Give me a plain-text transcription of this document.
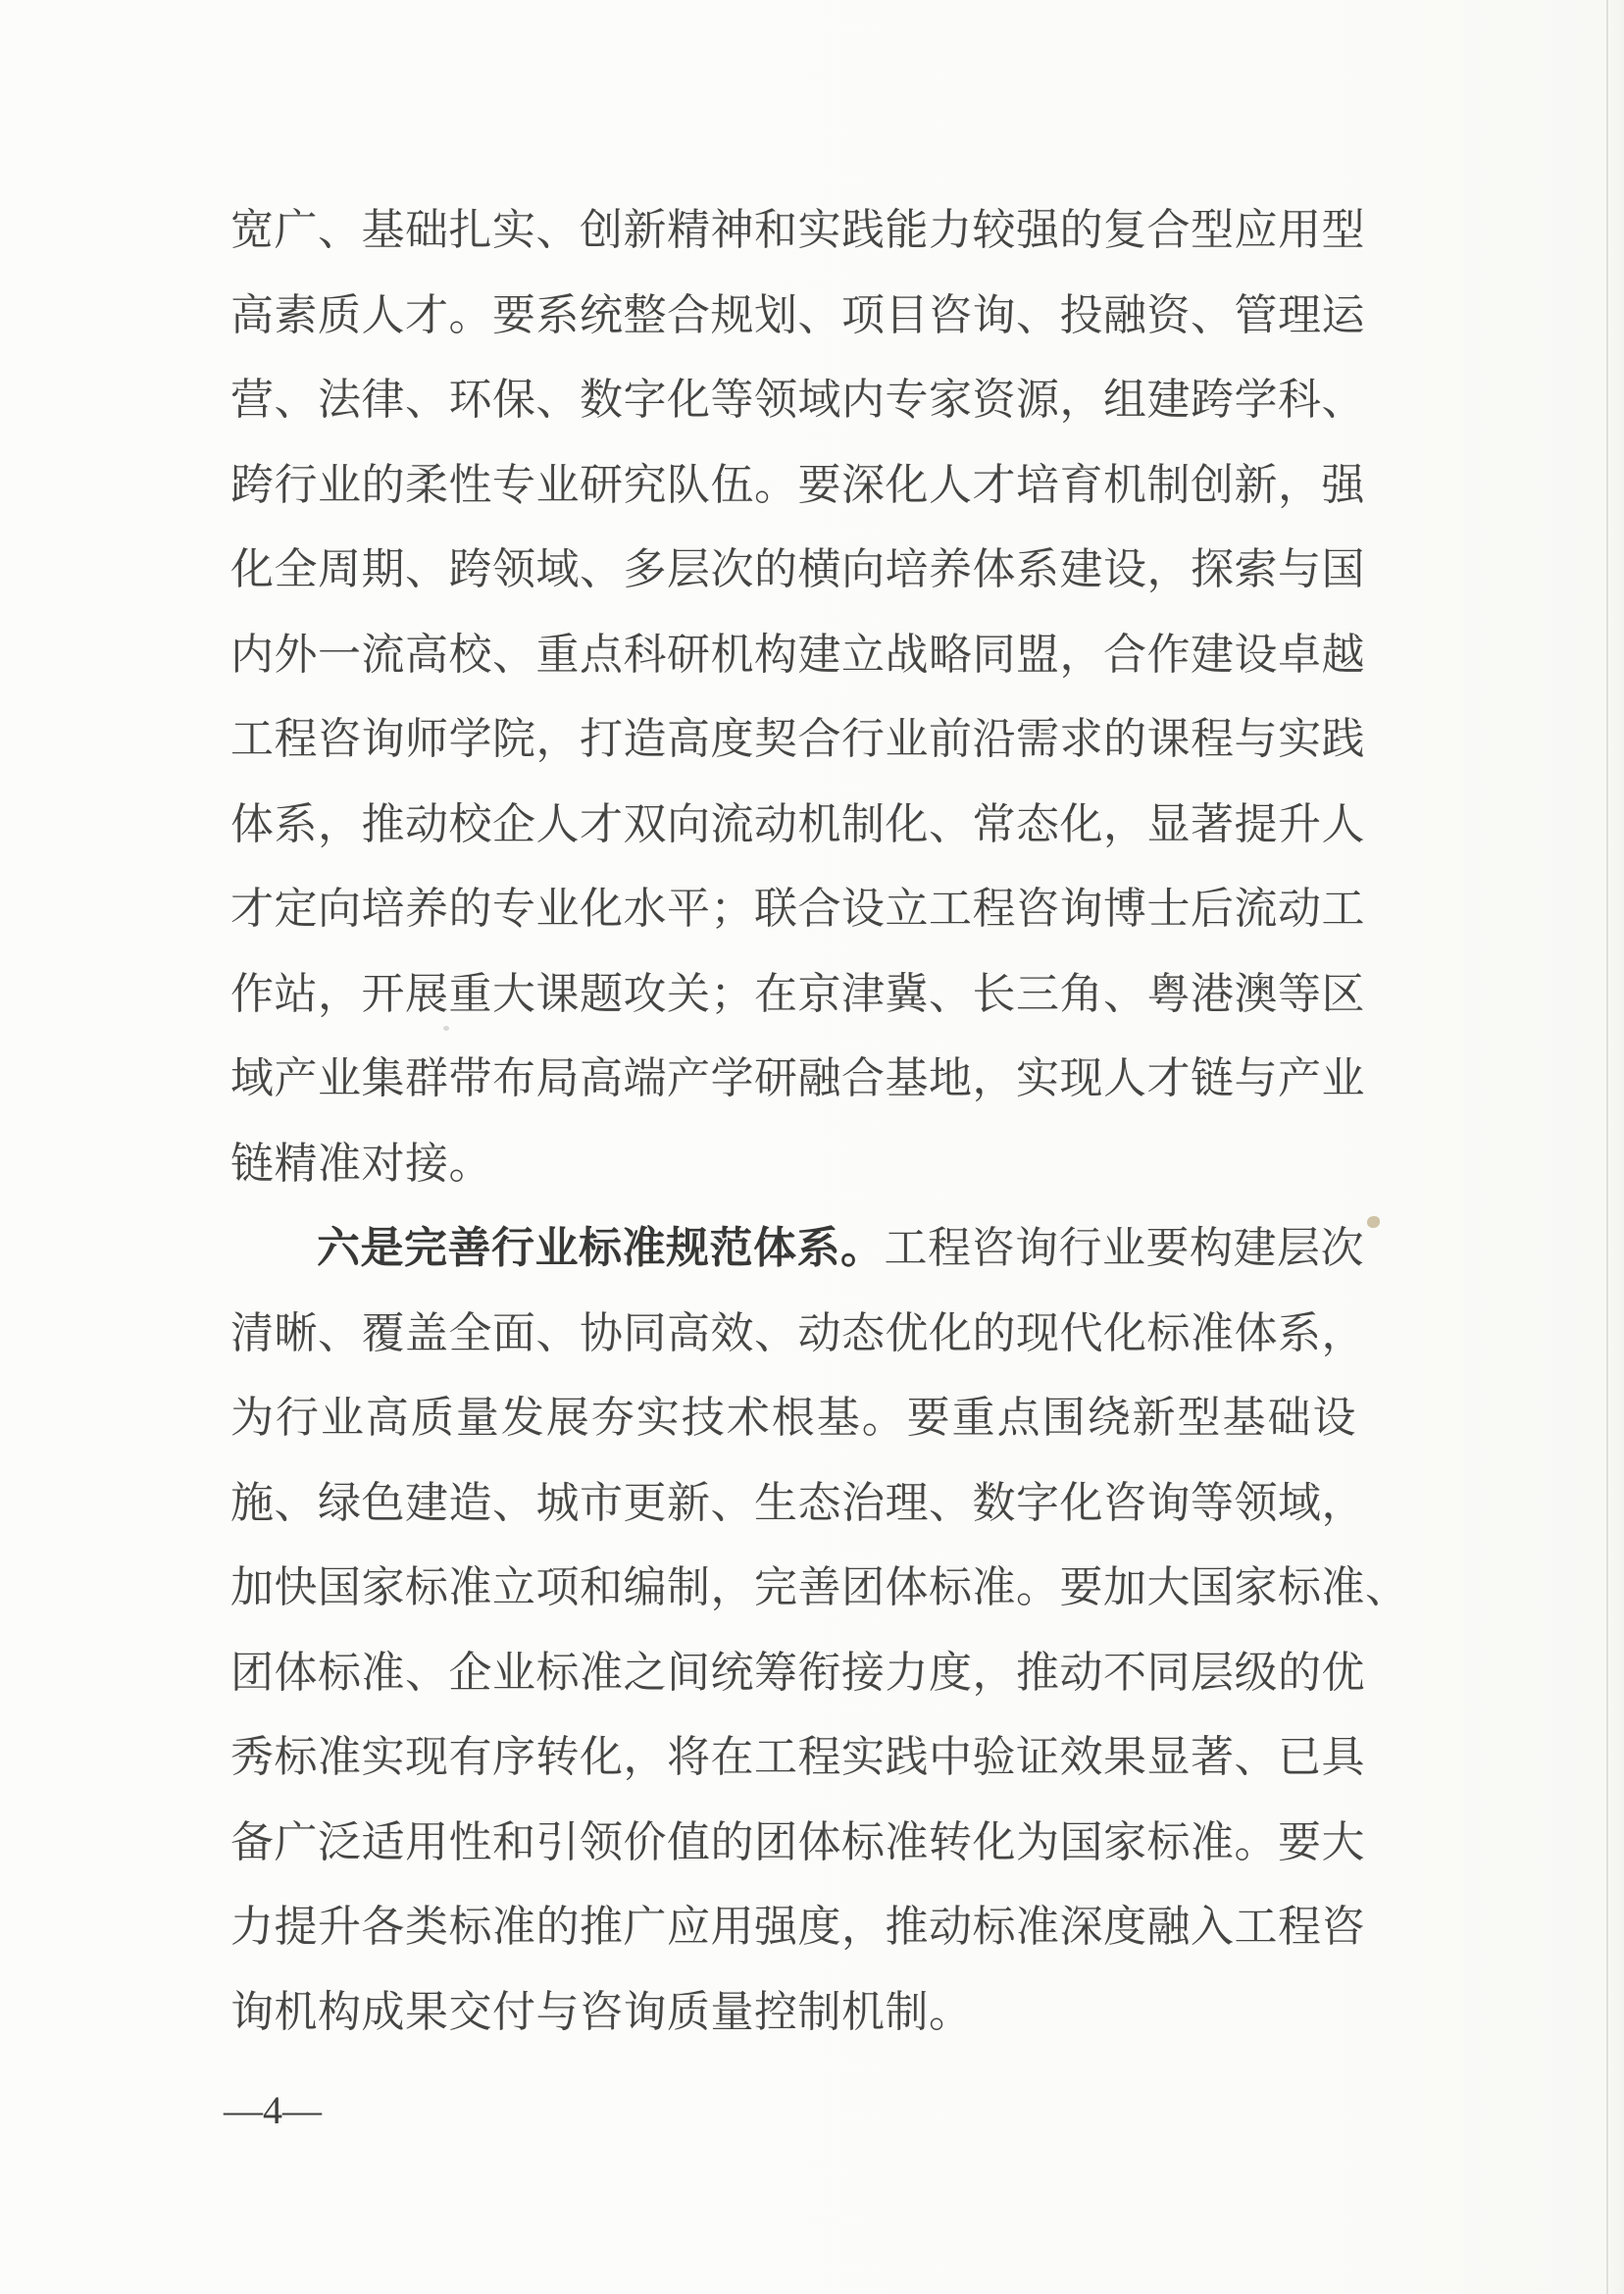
宽广、基础扎实、创新精神和实践能力较强的复合型应用型
高素质人才。要系统整合规划、项目咨询、投融资、管理运
营、法律、环保、数字化等领域内专家资源，组建跨学科、
跨行业的柔性专业研究队伍。要深化人才培育机制创新，强
化全周期、跨领域、多层次的横向培养体系建设，探索与国
内外一流高校、重点科研机构建立战略同盟，合作建设卓越
工程咨询师学院，打造高度契合行业前沿需求的课程与实践
体系，推动校企人才双向流动机制化、常态化，显著提升人
才定向培养的专业化水平；联合设立工程咨询博士后流动工
作站，开展重大课题攻关；在京津冀、长三角、粤港澳等区
域产业集群带布局高端产学研融合基地，实现人才链与产业
链精准对接。
六是完善行业标准规范体系。工程咨询行业要构建层次
清晰、覆盖全面、协同高效、动态优化的现代化标准体系，
为行业高质量发展夯实技术根基。要重点围绕新型基础设
施、绿色建造、城市更新、生态治理、数字化咨询等领域，
加快国家标准立项和编制，完善团体标准。要加大国家标准、
团体标准、企业标准之间统筹衔接力度，推动不同层级的优
秀标准实现有序转化，将在工程实践中验证效果显著、已具
备广泛适用性和引领价值的团体标准转化为国家标准。要大
力提升各类标准的推广应用强度，推动标准深度融入工程咨
询机构成果交付与咨询质量控制机制。
—4—
